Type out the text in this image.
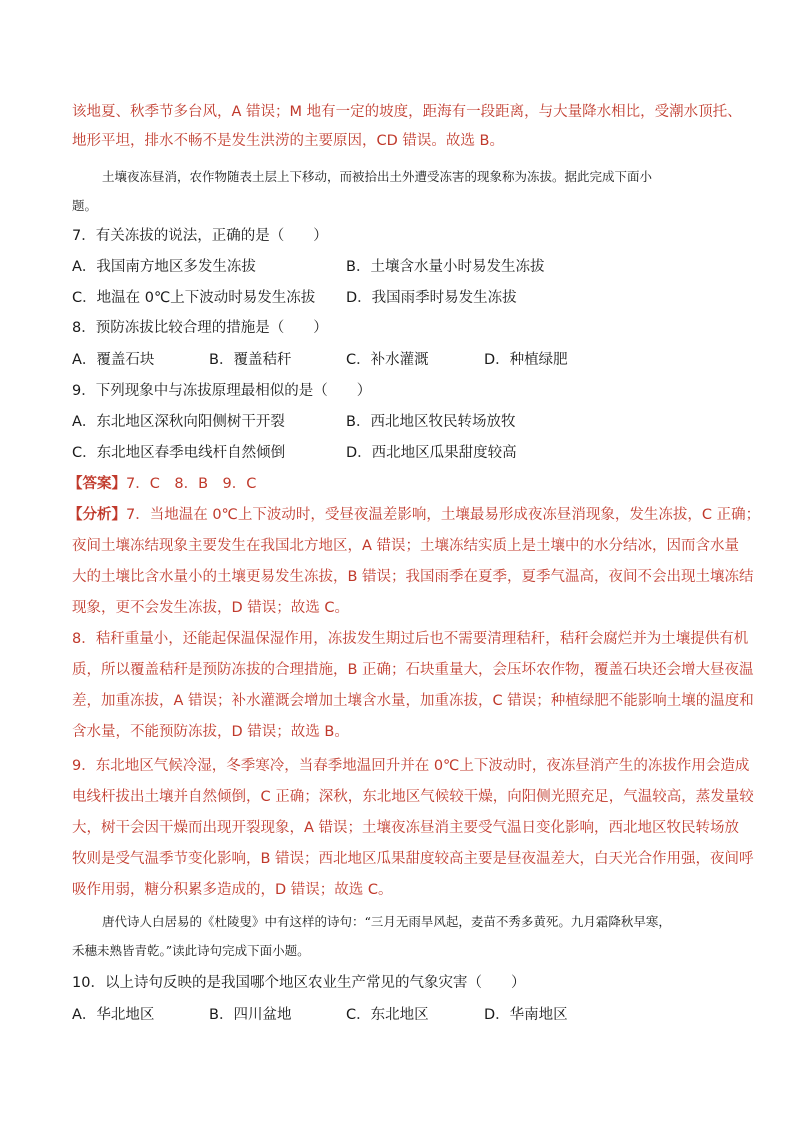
该地夏、秋季节多台风，A 错误；M 地有一定的坡度，距海有一段距离，与大量降水相比，受潮水顶托、
地形平坦，排水不畅不是发生洪涝的主要原因，CD 错误。故选 B。
土壤夜冻昼消，农作物随表土层上下移动，而被拾出土外遭受冻害的现象称为冻拔。据此完成下面小
题。
7．有关冻拔的说法，正确的是（　　）
A．我国南方地区多发生冻拔	B．土壤含水量小时易发生冻拔
C．地温在 0℃上下波动时易发生冻拔 D．我国雨季时易发生冻拔
8．预防冻拔比较合理的措施是（　　）
A．覆盖石块	B．覆盖秸秆	C．补水灌溉	D．种植绿肥
9．下列现象中与冻拔原理最相似的是（　　）
A．东北地区深秋向阳侧树干开裂	B．西北地区牧民转场放牧
C．东北地区春季电线杆自然倾倒	D．西北地区瓜果甜度较高
【答案】7．C　8．B　9．C
【分析】7．当地温在 0℃上下波动时，受昼夜温差影响，土壤最易形成夜冻昼消现象，发生冻拔，C 正确；
夜间土壤冻结现象主要发生在我国北方地区，A 错误；土壤冻结实质上是土壤中的水分结冰，因而含水量
大的土壤比含水量小的土壤更易发生冻拔，B 错误；我国雨季在夏季，夏季气温高，夜间不会出现土壤冻结
现象，更不会发生冻拔，D 错误；故选 C。
8．秸秆重量小，还能起保温保湿作用，冻拔发生期过后也不需要清理秸秆，秸秆会腐烂并为土壤提供有机
质，所以覆盖秸秆是预防冻拔的合理措施，B 正确；石块重量大，会压坏农作物，覆盖石块还会增大昼夜温
差，加重冻拔，A 错误；补水灌溉会增加土壤含水量，加重冻拔，C 错误；种植绿肥不能影响土壤的温度和
含水量，不能预防冻拔，D 错误；故选 B。
9．东北地区气候冷湿，冬季寒冷，当春季地温回升并在 0℃上下波动时，夜冻昼消产生的冻拔作用会造成
电线杆拔出土壤并自然倾倒，C 正确；深秋，东北地区气候较干燥，向阳侧光照充足，气温较高，蒸发量较
大，树干会因干燥而出现开裂现象，A 错误；土壤夜冻昼消主要受气温日变化影响，西北地区牧民转场放
牧则是受气温季节变化影响，B 错误；西北地区瓜果甜度较高主要是昼夜温差大，白天光合作用强，夜间呼
吸作用弱，糖分积累多造成的，D 错误；故选 C。
唐代诗人白居易的《杜陵叟》中有这样的诗句：“三月无雨旱风起，麦苗不秀多黄死。九月霜降秋早寒，
禾穗未熟皆青乾。”读此诗句完成下面小题。
10．以上诗句反映的是我国哪个地区农业生产常见的气象灾害（　　）
A．华北地区	B．四川盆地	C．东北地区	D．华南地区
